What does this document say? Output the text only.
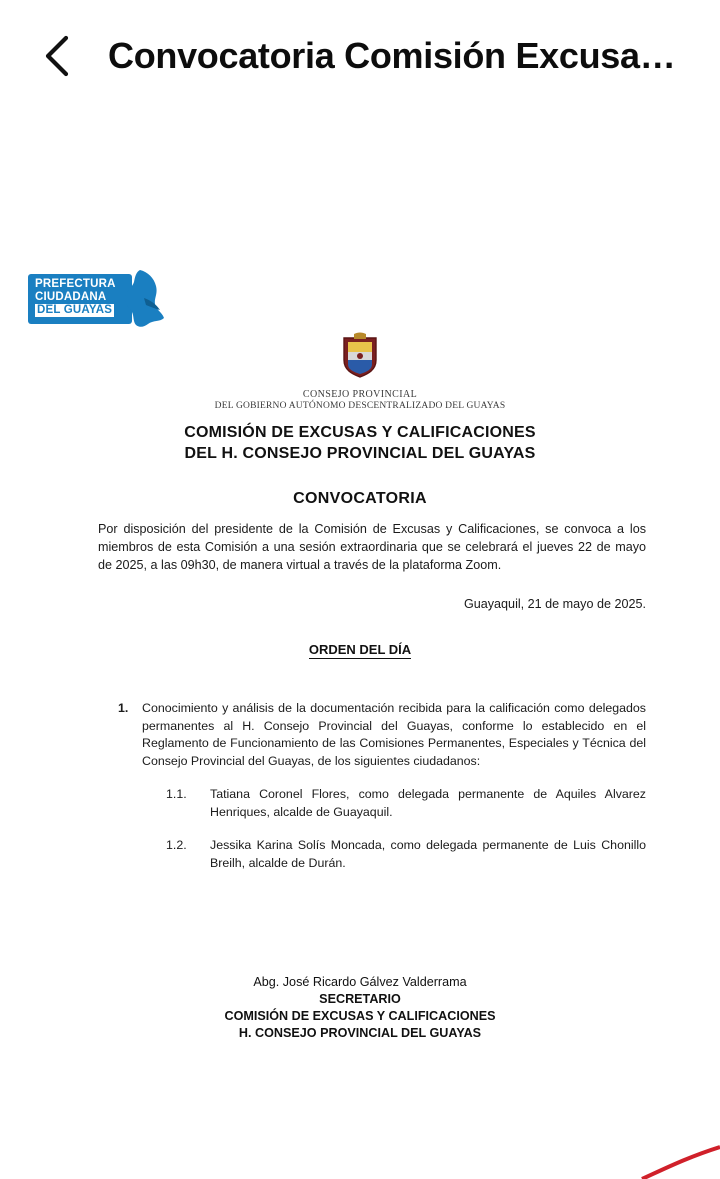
Convocatoria Comisión Excusa…
PREFECTURA
CIUDADANA
DEL GUAYAS
CONSEJO PROVINCIAL
DEL GOBIERNO AUTÓNOMO DESCENTRALIZADO DEL GUAYAS
COMISIÓN DE EXCUSAS Y CALIFICACIONES
DEL H. CONSEJO PROVINCIAL DEL GUAYAS
CONVOCATORIA
Por disposición del presidente de la Comisión de Excusas y Calificaciones, se convoca a los miembros de esta Comisión a una sesión extraordinaria que se celebrará el jueves 22 de mayo de 2025, a las 09h30, de manera virtual a través de la plataforma Zoom.
Guayaquil, 21 de mayo de 2025.
ORDEN DEL DÍA
1.	Conocimiento y análisis de la documentación recibida para la calificación como delegados permanentes al H. Consejo Provincial del Guayas, conforme lo establecido en el Reglamento de Funcionamiento de las Comisiones Permanentes, Especiales y Técnica del Consejo Provincial del Guayas, de los siguientes ciudadanos:
1.1.	Tatiana Coronel Flores, como delegada permanente de Aquiles Alvarez Henriques, alcalde de Guayaquil.
1.2.	Jessika Karina Solís Moncada, como delegada permanente de Luis Chonillo Breilh, alcalde de Durán.
Abg. José Ricardo Gálvez Valderrama
SECRETARIO
COMISIÓN DE EXCUSAS Y CALIFICACIONES
H. CONSEJO PROVINCIAL DEL GUAYAS
